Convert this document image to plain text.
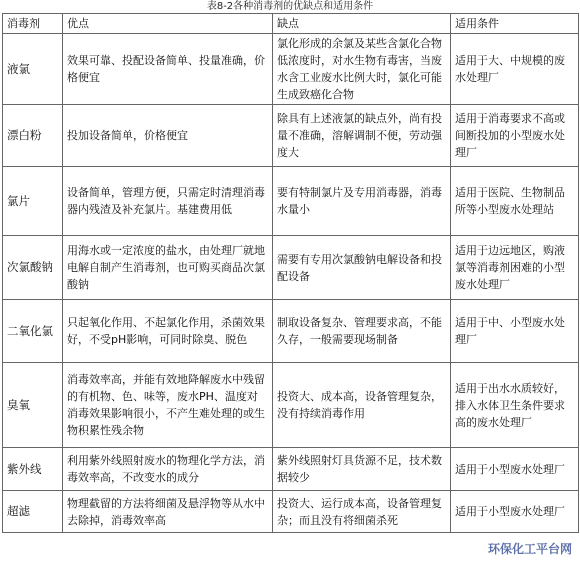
表8-2各种消毒剂的优缺点和适用条件
消毒剂	优点	缺点	适用条件
液氯	效果可靠、投配设备简单、投量准确，价格便宜	氯化形成的余氯及某些含氯化合物低浓度时，对水生物有毒害，当废水含工业废水比例大时，氯化可能生成致癌化合物	适用于大、中规模的废水处理厂
漂白粉	投加设备简单，价格便宜	除具有上述液氯的缺点外，尚有投量不准确，溶解调制不便，劳动强度大	适用于消毒要求不高或间断投加的小型废水处理厂
氯片	设备简单，管理方便，只需定时清理消毒器内残渣及补充氯片。基建费用低	要有特制氯片及专用消毒器，消毒水量小	适用于医院、生物制品所等小型废水处理站
次氯酸钠	用海水或一定浓度的盐水，由处理厂就地电解自制产生消毒剂，也可购买商品次氯酸钠	需要有专用次氯酸钠电解设备和投配设备	适用于边远地区，购液氯等消毒剂困难的小型废水处理厂
二氧化氯	只起氧化作用、不起氯化作用，杀菌效果好，不受pH影响，可同时除臭、脱色	制取设备复杂、管理要求高，不能久存，一般需要现场制备	适用于中、小型废水处理厂
臭氧	消毒效率高，并能有效地降解废水中残留的有机物、色、味等，废水PH、温度对消毒效果影响很小，不产生难处理的或生物积累性残余物	投资大、成本高，设备管理复杂，没有持续消毒作用	适用于出水水质较好，排入水体卫生条件要求高的废水处理厂
紫外线	利用紫外线照射废水的物理化学方法，消毒效率高，不改变水的成分	紫外线照射灯具货源不足，技术数据较少	适用于小型废水处理厂
超滤	物理截留的方法将细菌及悬浮物等从水中去除掉，消毒效率高	投资大、运行成本高，设备管理复杂；而且没有将细菌杀死	适用于小型废水处理厂
环保化工平台网
